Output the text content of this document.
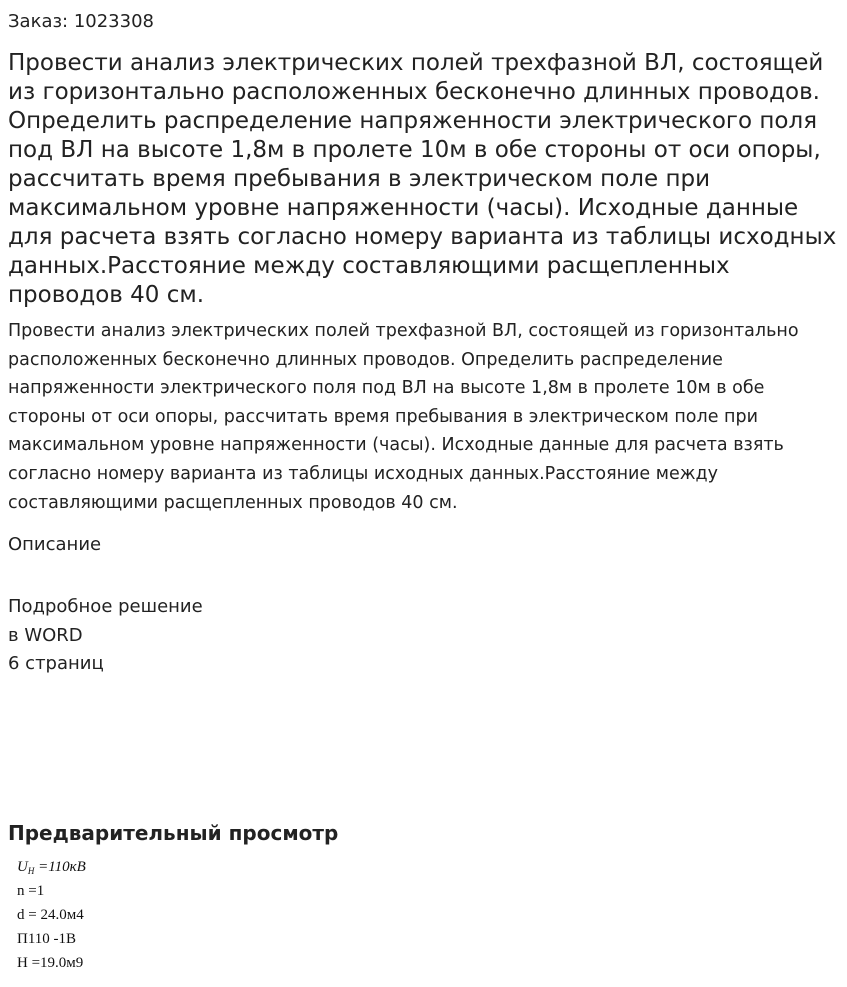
Заказ: 1023308
Провести анализ электрических полей трехфазной ВЛ, состоящей из горизонтально расположенных бесконечно длинных проводов. Определить распределение напряженности электрического поля под ВЛ на высоте 1,8м в пролете 10м в обе стороны от оси опоры, рассчитать время пребывания в электрическом поле при максимальном уровне напряженности (часы). Исходные данные для расчета взять согласно номеру варианта из таблицы исходных данных.Расстояние между составляющими расщепленных проводов 40 см.

Провести анализ электрических полей трехфазной ВЛ, состоящей из горизонтально расположенных бесконечно длинных проводов. Определить распределение напряженности электрического поля под ВЛ на высоте 1,8м в пролете 10м в обе стороны от оси опоры, рассчитать время пребывания в электрическом поле при максимальном уровне напряженности (часы). Исходные данные для расчета взять согласно номеру варианта из таблицы исходных данных.Расстояние между составляющими расщепленных проводов 40 см.

Описание
Подробное решение
в WORD
6 страниц
Предварительный просмотр
$U_H =110кВ$
n =1
d = 24.0м4
П110 -1В
H =19.0м9
